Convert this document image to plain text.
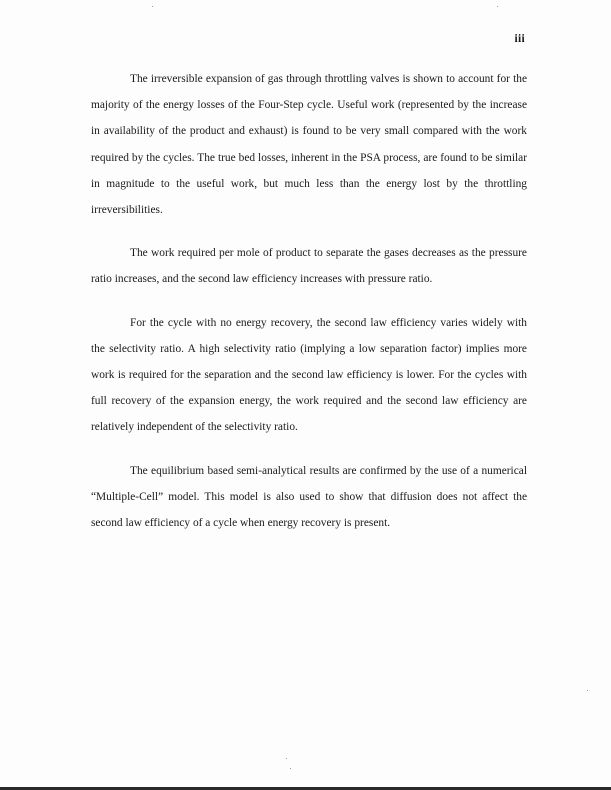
iii

The irreversible expansion of gas through throttling valves is shown to account for the majority of the energy losses of the Four-Step cycle. Useful work (represented by the increase in availability of the product and exhaust) is found to be very small compared with the work required by the cycles. The true bed losses, inherent in the PSA process, are found to be similar in magnitude to the useful work, but much less than the energy lost by the throttling irreversibilities.

The work required per mole of product to separate the gases decreases as the pressure ratio increases, and the second law efficiency increases with pressure ratio.

For the cycle with no energy recovery, the second law efficiency varies widely with the selectivity ratio. A high selectivity ratio (implying a low separation factor) implies more work is required for the separation and the second law efficiency is lower. For the cycles with full recovery of the expansion energy, the work required and the second law efficiency are relatively independent of the selectivity ratio.

The equilibrium based semi-analytical results are confirmed by the use of a numerical “Multiple-Cell” model. This model is also used to show that diffusion does not affect the second law efficiency of a cycle when energy recovery is present.
